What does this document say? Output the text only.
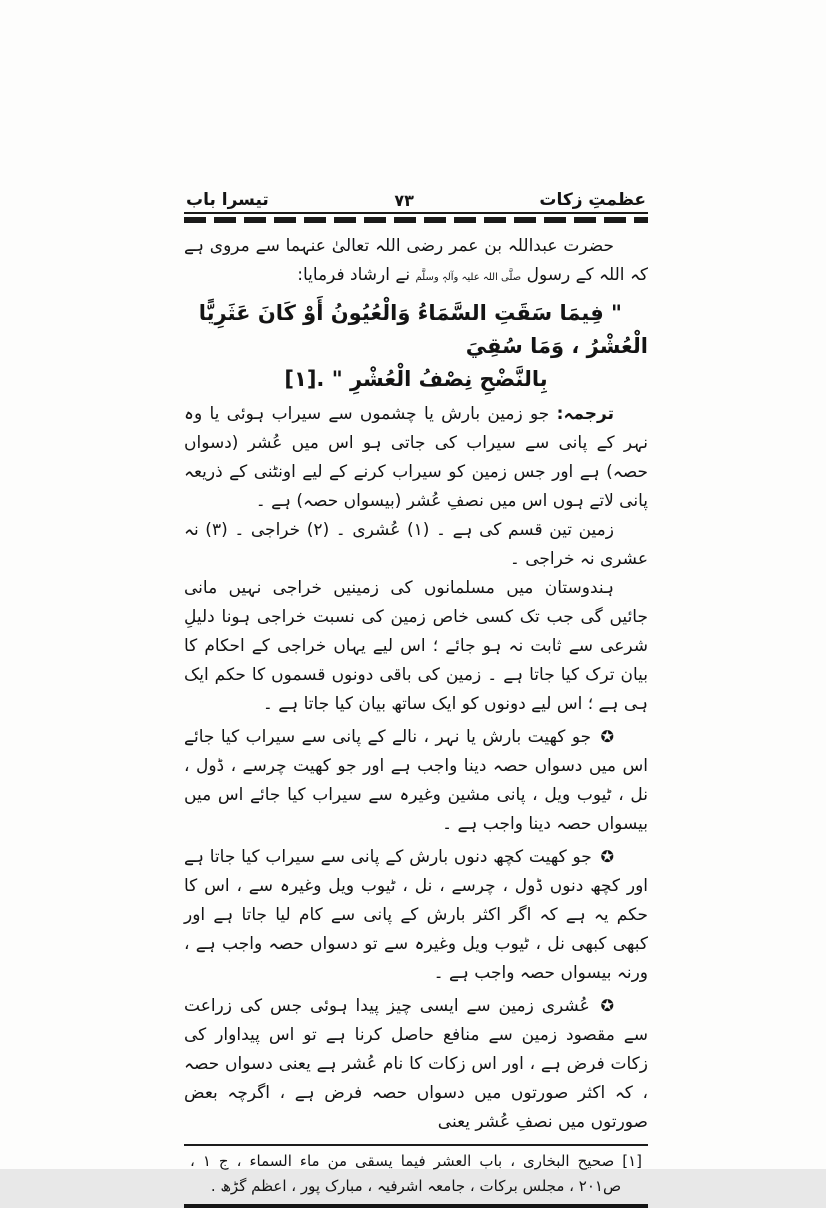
عظمتِ زکات
۷۳
تیسرا باب

حضرت عبداللہ بن عمر رضی اللہ تعالیٰ عنہما سے مروی ہے کہ اللہ کے رسول صلَّی اللہ علیہ وآلہٖ وسلَّم نے ارشاد فرمایا:

" فِيمَا سَقَتِ السَّمَاءُ وَالْعُيُونُ أَوْ كَانَ عَثَرِيًّا الْعُشْرُ ، وَمَا سُقِيَ
بِالنَّضْحِ نِصْفُ الْعُشْرِ " .[۱]

ترجمہ: جو زمین بارش یا چشموں سے سیراب ہوئی یا وہ نہر کے پانی سے سیراب کی جاتی ہو اس میں عُشر (دسواں حصہ) ہے اور جس زمین کو سیراب کرنے کے لیے اونٹنی کے ذریعہ پانی لاتے ہوں اس میں نصفِ عُشر (بیسواں حصہ) ہے ۔

زمین تین قسم کی ہے ۔ (۱) عُشری ۔ (۲) خراجی ۔ (۳) نہ عشری نہ خراجی ۔

ہندوستان میں مسلمانوں کی زمینیں خراجی نہیں مانی جائیں گی جب تک کسی خاص زمین کی نسبت خراجی ہونا دلیلِ شرعی سے ثابت نہ ہو جائے ؛ اس لیے یہاں خراجی کے احکام کا بیان ترک کیا جاتا ہے ۔ زمین کی باقی دونوں قسموں کا حکم ایک ہی ہے ؛ اس لیے دونوں کو ایک ساتھ بیان کیا جاتا ہے ۔

✪ جو کھیت بارش یا نہر ، نالے کے پانی سے سیراب کیا جائے اس میں دسواں حصہ دینا واجب ہے اور جو کھیت چرسے ، ڈول ، نل ، ٹیوب ویل ، پانی مشین وغیرہ سے سیراب کیا جائے اس میں بیسواں حصہ دینا واجب ہے ۔

✪ جو کھیت کچھ دنوں بارش کے پانی سے سیراب کیا جاتا ہے اور کچھ دنوں ڈول ، چرسے ، نل ، ٹیوب ویل وغیرہ سے ، اس کا حکم یہ ہے کہ اگر اکثر بارش کے پانی سے کام لیا جاتا ہے اور کبھی کبھی نل ، ٹیوب ویل وغیرہ سے تو دسواں حصہ واجب ہے ، ورنہ بیسواں حصہ واجب ہے ۔

✪ عُشری زمین سے ایسی چیز پیدا ہوئی جس کی زراعت سے مقصود زمین سے منافع حاصل کرنا ہے تو اس پیداوار کی زکات فرض ہے ، اور اس زکات کا نام عُشر ہے یعنی دسواں حصہ ، کہ اکثر صورتوں میں دسواں حصہ فرض ہے ، اگرچہ بعض صورتوں میں نصفِ عُشر یعنی

[۱] صحیح البخاری ، باب العشر فیما یسقی من ماء السماء ، ج ۱ ، ص۲۰۱ ، مجلس برکات ، جامعہ اشرفیہ ، مبارک پور ، اعظم گڑھ .
